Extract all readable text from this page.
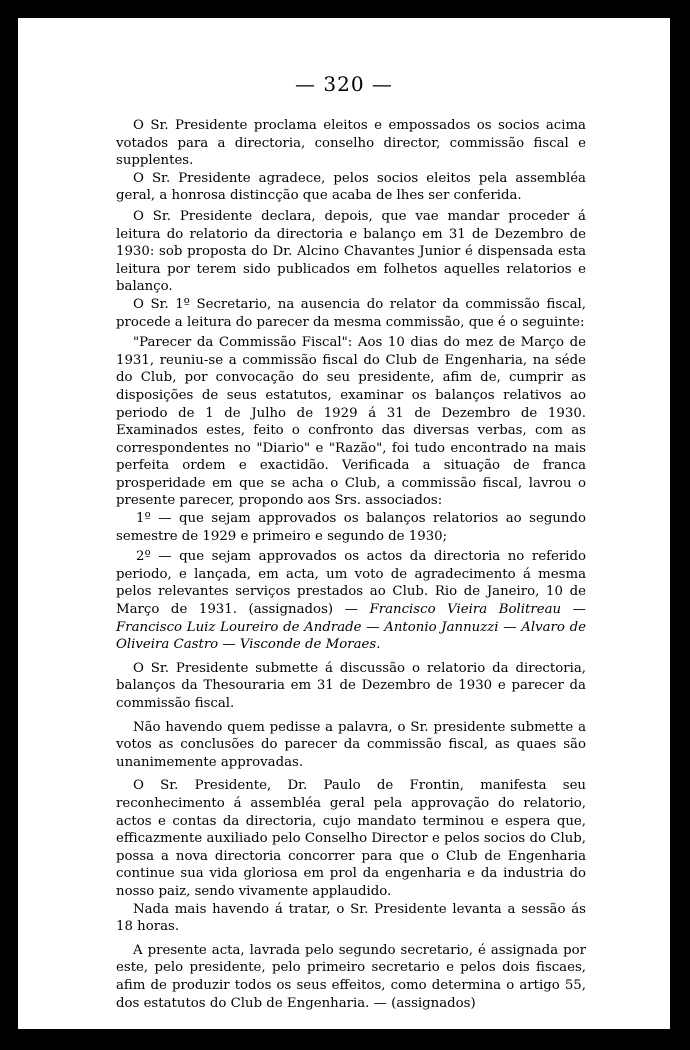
— 320 —

O Sr. Presidente proclama eleitos e empossados os socios acima votados para a directoria, conselho director, commissão fiscal e supplentes.

O Sr. Presidente agradece, pelos socios eleitos pela assembléa geral, a honrosa distincção que acaba de lhes ser conferida.

O Sr. Presidente declara, depois, que vae mandar proceder á leitura do relatorio da directoria e balanço em 31 de Dezembro de 1930: sob proposta do Dr. Alcino Chavantes Junior é dispensada esta leitura por terem sido publicados em folhetos aquelles relatorios e balanço.

O Sr. 1º Secretario, na ausencia do relator da commissão fiscal, procede a leitura do parecer da mesma commissão, que é o seguinte:

"Parecer da Commissão Fiscal": Aos 10 dias do mez de Março de 1931, reuniu-se a commissão fiscal do Club de Engenharia, na séde do Club, por convocação do seu presidente, afim de, cumprir as disposições de seus estatutos, examinar os balanços relativos ao periodo de 1 de Julho de 1929 á 31 de Dezembro de 1930. Examinados estes, feito o confronto das diversas verbas, com as correspondentes no "Diario" e "Razão", foi tudo encontrado na mais perfeita ordem e exactidão. Verificada a situação de franca prosperidade em que se acha o Club, a commissão fiscal, lavrou o presente parecer, propondo aos Srs. associados:

1º — que sejam approvados os balanços relatorios ao segundo semestre de 1929 e primeiro e segundo de 1930;

2º — que sejam approvados os actos da directoria no referido periodo, e lançada, em acta, um voto de agradecimento á mesma pelos relevantes serviços prestados ao Club. Rio de Janeiro, 10 de Março de 1931. (assignados) — Francisco Vieira Bolitreau — Francisco Luiz Loureiro de Andrade — Antonio Jannuzzi — Alvaro de Oliveira Castro — Visconde de Moraes.

O Sr. Presidente submette á discussão o relatorio da directoria, balanços da Thesouraria em 31 de Dezembro de 1930 e parecer da commissão fiscal.

Não havendo quem pedisse a palavra, o Sr. presidente submette a votos as conclusões do parecer da commissão fiscal, as quaes são unanimemente approvadas.

O Sr. Presidente, Dr. Paulo de Frontin, manifesta seu reconhecimento á assembléa geral pela approvação do relatorio, actos e contas da directoria, cujo mandato terminou e espera que, efficazmente auxiliado pelo Conselho Director e pelos socios do Club, possa a nova directoria concorrer para que o Club de Engenharia continue sua vida gloriosa em prol da engenharia e da industria do nosso paiz, sendo vivamente applaudido.

Nada mais havendo á tratar, o Sr. Presidente levanta a sessão ás 18 horas.

A presente acta, lavrada pelo segundo secretario, é assignada por este, pelo presidente, pelo primeiro secretario e pelos dois fiscaes, afim de produzir todos os seus effeitos, como determina o artigo 55, dos estatutos do Club de Engenharia. — (assignados)
